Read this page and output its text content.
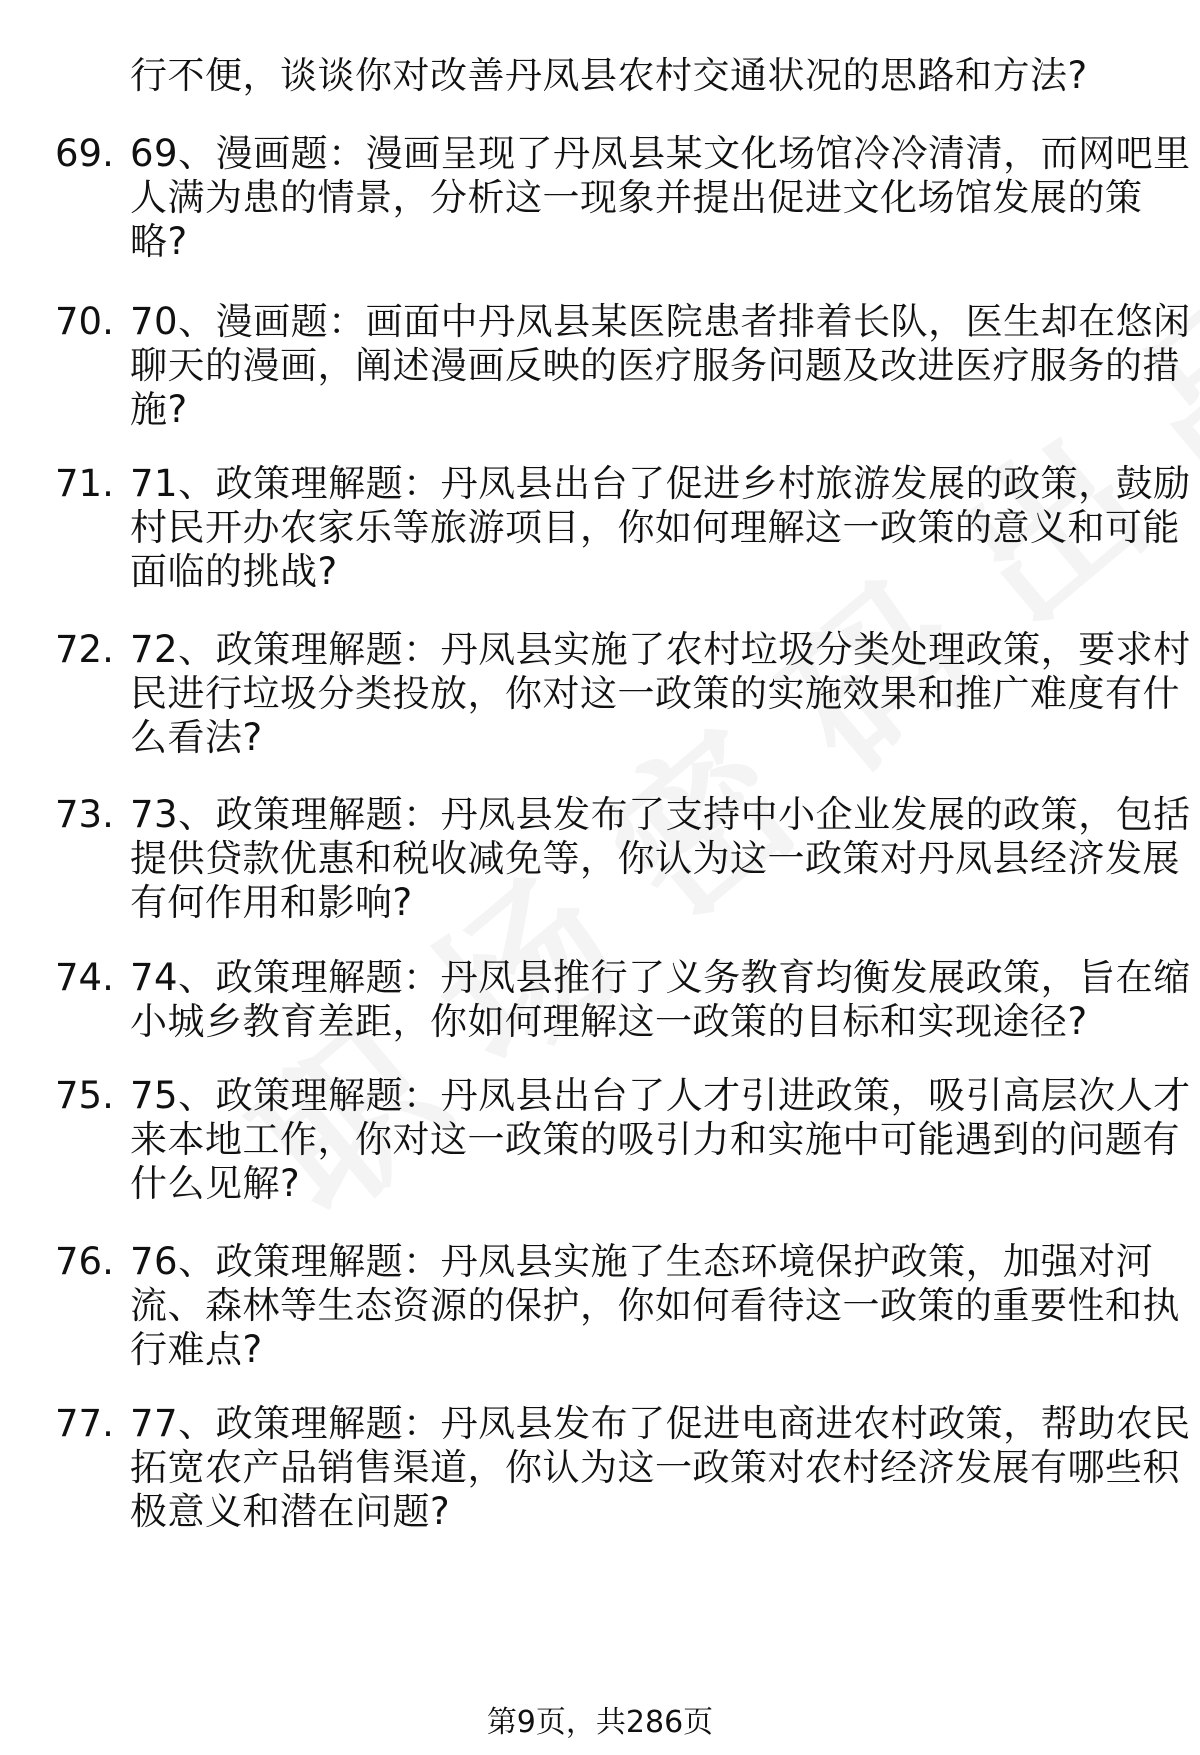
行不便，谈谈你对改善丹凤县农村交通状况的思路和方法?
69. 69、漫画题：漫画呈现了丹凤县某文化场馆冷冷清清，而网吧里
人满为患的情景，分析这一现象并提出促进文化场馆发展的策
略?
70. 70、漫画题：画面中丹凤县某医院患者排着长队，医生却在悠闲
聊天的漫画，阐述漫画反映的医疗服务问题及改进医疗服务的措
施?
71. 71、政策理解题：丹凤县出台了促进乡村旅游发展的政策，鼓励
村民开办农家乐等旅游项目，你如何理解这一政策的意义和可能
面临的挑战?
72. 72、政策理解题：丹凤县实施了农村垃圾分类处理政策，要求村
民进行垃圾分类投放，你对这一政策的实施效果和推广难度有什
么看法?
73. 73、政策理解题：丹凤县发布了支持中小企业发展的政策，包括
提供贷款优惠和税收减免等，你认为这一政策对丹凤县经济发展
有何作用和影响?
74. 74、政策理解题：丹凤县推行了义务教育均衡发展政策，旨在缩
小城乡教育差距，你如何理解这一政策的目标和实现途径?
75. 75、政策理解题：丹凤县出台了人才引进政策，吸引高层次人才
来本地工作，你对这一政策的吸引力和实施中可能遇到的问题有
什么见解?
76. 76、政策理解题：丹凤县实施了生态环境保护政策，加强对河
流、森林等生态资源的保护，你如何看待这一政策的重要性和执
行难点?
77. 77、政策理解题：丹凤县发布了促进电商进农村政策，帮助农民
拓宽农产品销售渠道，你认为这一政策对农村经济发展有哪些积
极意义和潜在问题?
第9页，共286页
